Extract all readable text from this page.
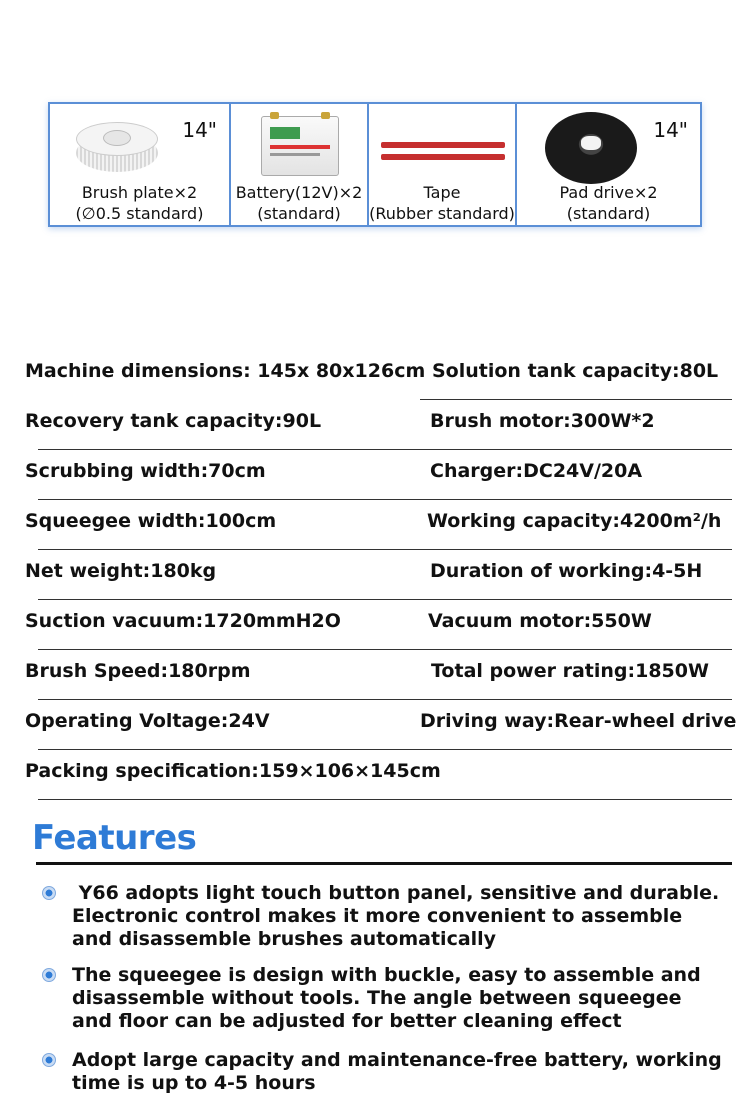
14"
Brush plate×2
(∅0.5 standard)
Battery(12V)×2
(standard)
Tape
(Rubber standard)
14"
Pad drive×2
(standard)
Machine dimensions: 145x 80x126cm Solution tank capacity:80L
Recovery tank capacity:90L	Brush motor:300W*2
Scrubbing width:70cm	Charger:DC24V/20A
Squeegee width:100cm	Working capacity:4200m²/h
Net weight:180kg	Duration of working:4-5H
Suction vacuum:1720mmH2O	Vacuum motor:550W
Brush Speed:180rpm	Total power rating:1850W
Operating Voltage:24V	Driving way:Rear-wheel drive
Packing specification:159×106×145cm
Features
Y66 adopts light touch button panel, sensitive and durable. Electronic control makes it more convenient to assemble and disassemble brushes automatically
The squeegee is design with buckle, easy to assemble and disassemble without tools. The angle between squeegee and floor can be adjusted for better cleaning effect
Adopt large capacity and maintenance-free battery, working time is up to 4-5 hours
